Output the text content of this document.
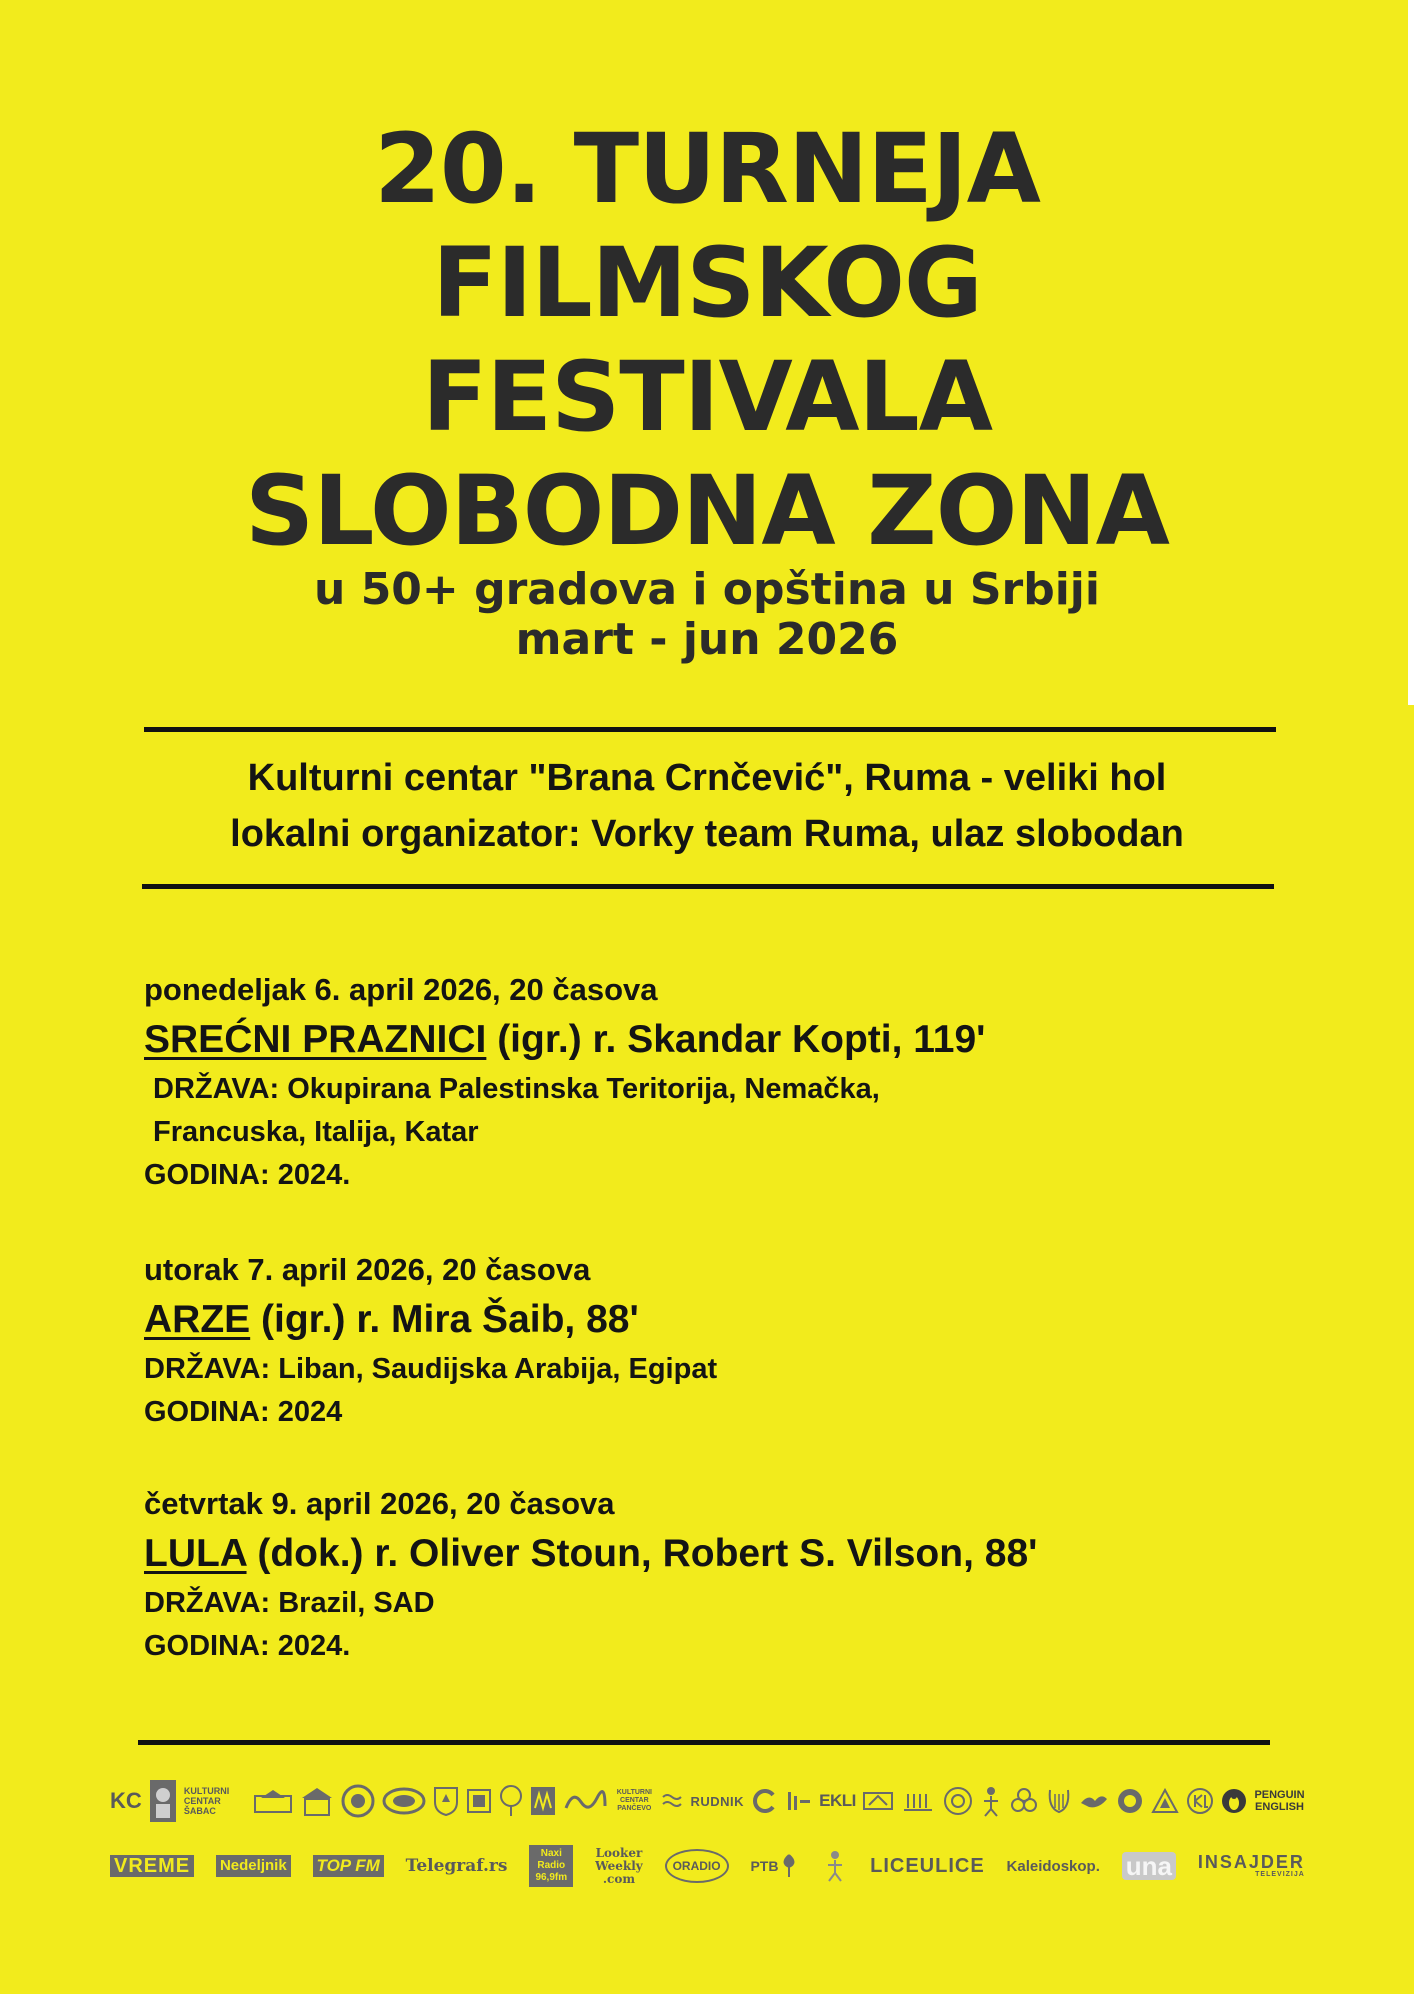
20. TURNEJA
FILMSKOG
FESTIVALA
SLOBODNA ZONA
u 50+ gradova i opština u Srbiji
mart - jun 2026
Kulturni centar "Brana Crnčević", Ruma - veliki hol
lokalni organizator: Vorky team Ruma, ulaz slobodan
ponedeljak 6. april 2026, 20 časova
SREĆNI PRAZNICI (igr.) r. Skandar Kopti, 119'
DRŽAVA: Okupirana Palestinska Teritorija, Nemačka,
Francuska, Italija, Katar
GODINA: 2024.
utorak 7. april 2026, 20 časova
ARZE (igr.) r. Mira Šaib, 88'
DRŽAVA: Liban, Saudijska Arabija, Egipat
GODINA: 2024
četvrtak 9. april 2026, 20 časova
LULA (dok.) r. Oliver Stoun, Robert S. Vilson, 88'
DRŽAVA: Brazil, SAD
GODINA: 2024.
KC	KULTURNI CENTAR ŠABAC
KULTURNI CENTAR PANČEVO	RUDNIK	EKLI	PENGUIN
ENGLISH
VREME Nedeljnik TOP FM Telegraf.rs
Naxi Radio 96,9fm
Looker
Weekly
.com
ORADIO PTB	LICEULICE Kaleidoskop. una INSAJDER
TELEVIZIJA
